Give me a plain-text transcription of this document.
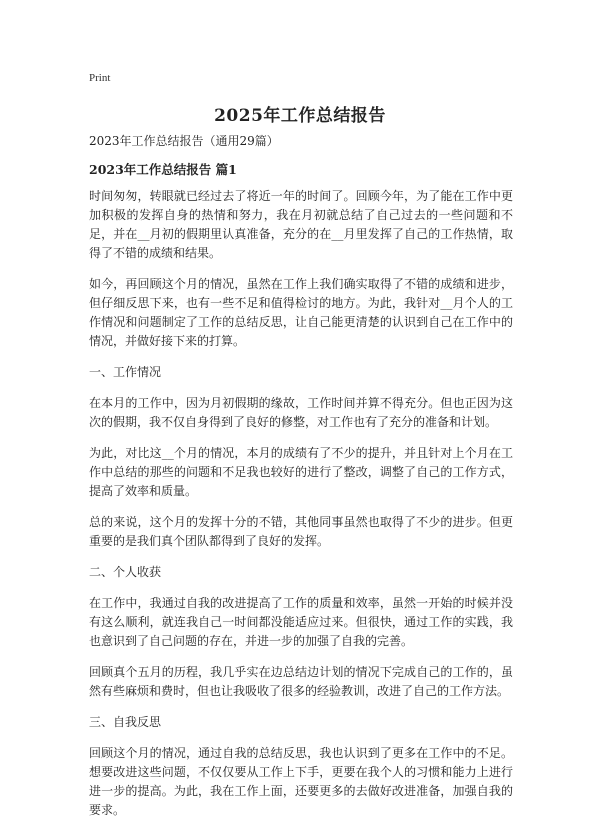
Print
2025年工作总结报告
2023年工作总结报告（通用29篇）
2023年工作总结报告 篇1

时间匆匆，转眼就已经过去了将近一年的时间了。回顾今年，为了能在工作中更加积极的发挥自身的热情和努力，我在月初就总结了自己过去的一些问题和不足，并在__月初的假期里认真准备，充分的在__月里发挥了自己的工作热情，取得了不错的成绩和结果。

如今，再回顾这个月的情况，虽然在工作上我们确实取得了不错的成绩和进步，但仔细反思下来，也有一些不足和值得检讨的地方。为此，我针对__月个人的工作情况和问题制定了工作的总结反思，让自己能更清楚的认识到自己在工作中的情况，并做好接下来的打算。

一、工作情况

在本月的工作中，因为月初假期的缘故，工作时间并算不得充分。但也正因为这次的假期，我不仅自身得到了良好的修整，对工作也有了充分的准备和计划。

为此，对比这__个月的情况，本月的成绩有了不少的提升，并且针对上个月在工作中总结的那些的问题和不足我也较好的进行了整改，调整了自己的工作方式，提高了效率和质量。

总的来说，这个月的发挥十分的不错，其他同事虽然也取得了不少的进步。但更重要的是我们真个团队都得到了良好的发挥。

二、个人收获

在工作中，我通过自我的改进提高了工作的质量和效率，虽然一开始的时候并没有这么顺利，就连我自己一时间都没能适应过来。但很快，通过工作的实践，我也意识到了自己问题的存在，并进一步的加强了自我的完善。

回顾真个五月的历程，我几乎实在边总结边计划的情况下完成自己的工作的，虽然有些麻烦和费时，但也让我吸收了很多的经验教训，改进了自己的工作方法。

三、自我反思

回顾这个月的情况，通过自我的总结反思，我也认识到了更多在工作中的不足。想要改进这些问题，不仅仅要从工作上下手，更要在我个人的习惯和能力上进行进一步的提高。为此，我在工作上面，还要更多的去做好改进准备，加强自我的要求。
